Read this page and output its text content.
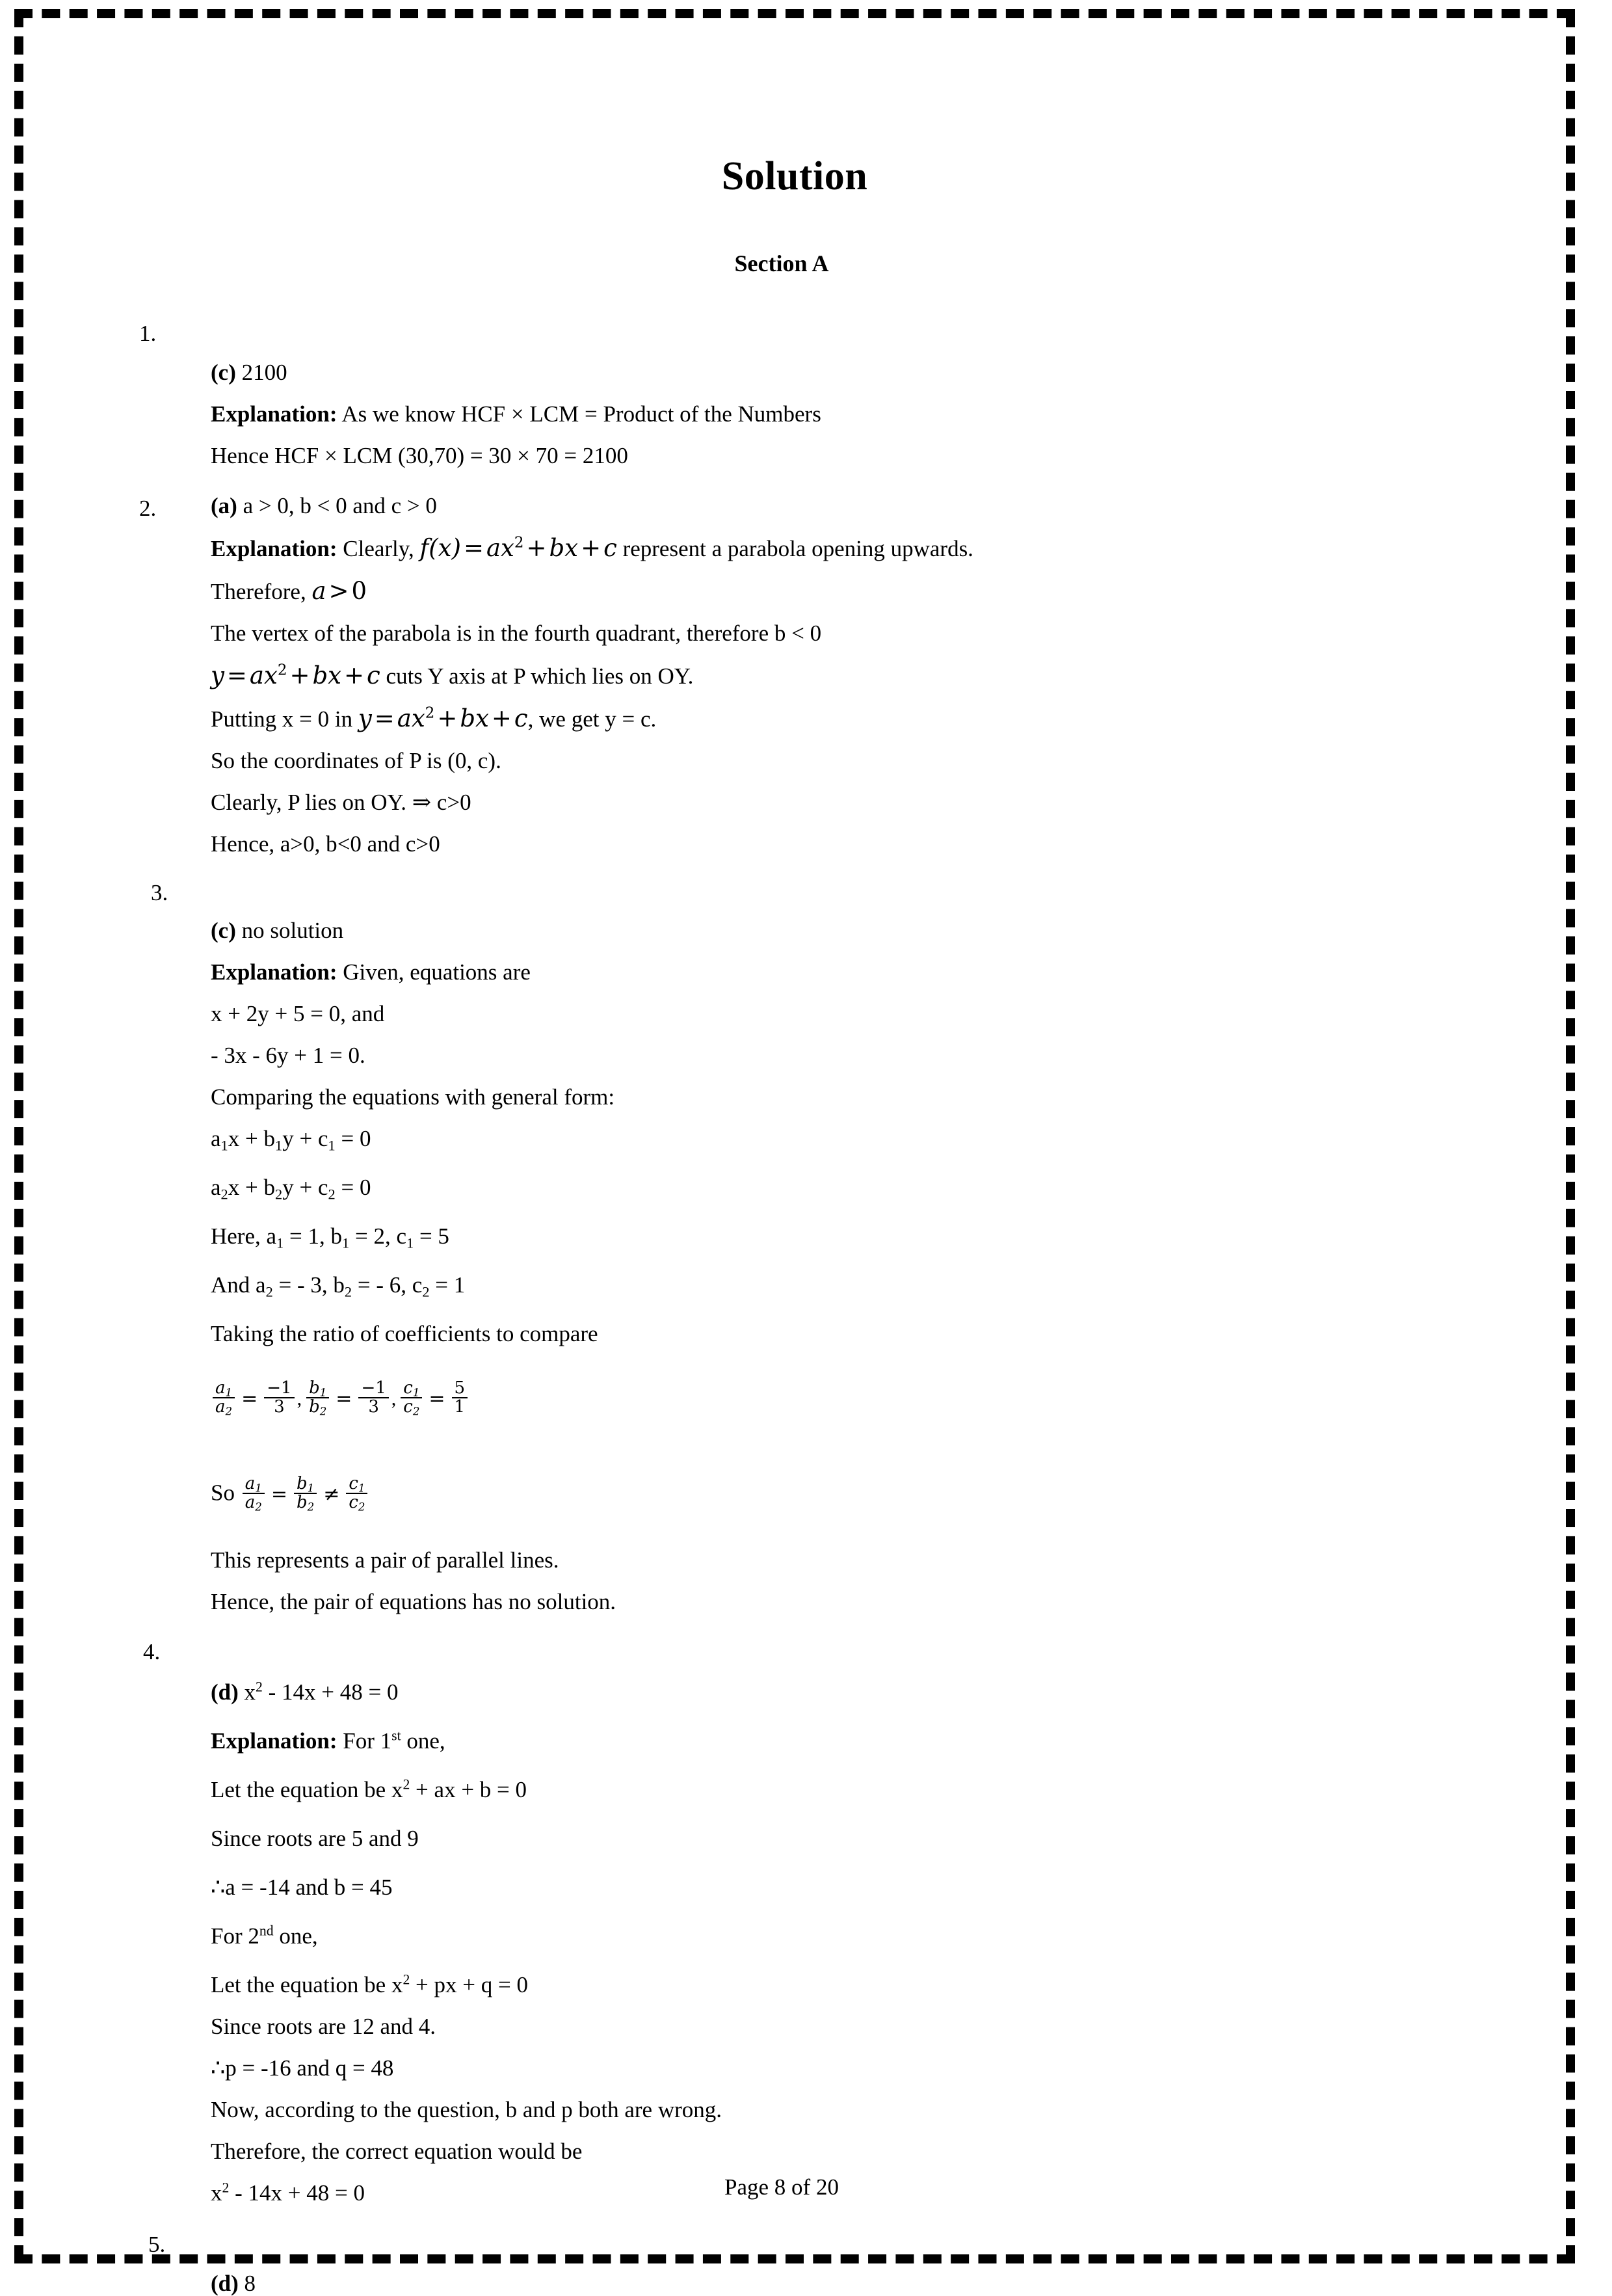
Solution
Section A
1.

(c) 2100

Explanation: As we know HCF × LCM = Product of the Numbers

Hence HCF × LCM (30,70) = 30 × 70 = 2100

2. (a) a > 0, b < 0 and c > 0

Explanation: Clearly, $f(x) = ax^2$ + bx + c represent a parabola opening upwards.

Therefore, a > 0

The vertex of the parabola is in the fourth quadrant, therefore b < 0

$y = ax^2$ + bx + c cuts Y axis at P which lies on OY.

Putting x = 0 in $y = ax^2$ + bx + c, we get y = c.

So the coordinates of P is (0, c).

Clearly, P lies on OY. ⇒ c>0

Hence, a>0, b<0 and c>0

3.

(c) no solution

Explanation: Given, equations are

x + 2y + 5 = 0, and

- 3x - 6y + 1 = 0.

Comparing the equations with general form:

$a_1x + b_1y + c_1 = 0$

$a_2x + b_2y + c_2 = 0$

Here, $a_1 = 1$, $b_1 = 2$, $c_1 = 5$

And $a_2$ = - 3, $b_2$ = - 6, $c_2 = 1$

Taking the ratio of coefficients to compare

$\frac{a_1}{a_2} = \frac{-1}{3}$ , $\frac{b_1}{b_2} = \frac{-1}{3}$ , $\frac{c_1}{c_2} = \frac{5}{1}$

So $\frac{a_1}{a_2} = \frac{b_1}{b_2} \ne \frac{c_1}{c_2}$

This represents a pair of parallel lines.

Hence, the pair of equations has no solution.

4.

(d) $x^2 - 14x + 48 = 0$

Explanation: For 1st one,

Let the equation be $x^2$ + ax + b = 0

Since roots are 5 and 9

∴a = -14 and b = 45

For 2nd one,

Let the equation be $x^2$ + px + q = 0

Since roots are 12 and 4.

∴p = -16 and q = 48

Now, according to the question, b and p both are wrong.

Therefore, the correct equation would be

$x^2 - 14x + 48 = 0$

5.

(d) 8

Page 8 of 20
